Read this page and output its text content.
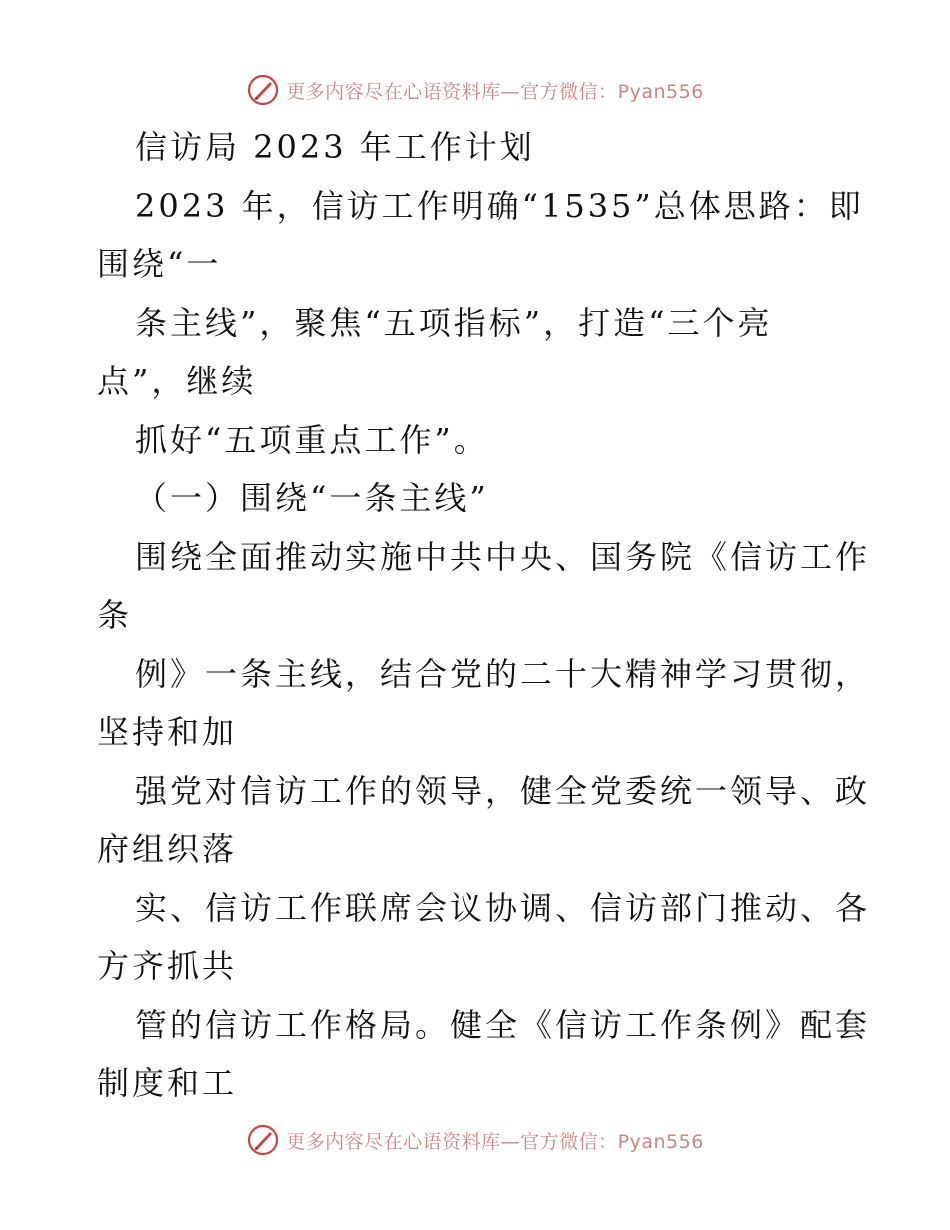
更多内容尽在心语资料库—官方微信：Pyan556
信访局 2023 年工作计划
2023 年，信访工作明确“1535”总体思路：即
围绕“一
条主线”，聚焦“五项指标”，打造“三个亮
点”，继续
抓好“五项重点工作”。
（一）围绕“一条主线”
围绕全面推动实施中共中央、国务院《信访工作
条
例》一条主线，结合党的二十大精神学习贯彻，
坚持和加
强党对信访工作的领导，健全党委统一领导、政
府组织落
实、信访工作联席会议协调、信访部门推动、各
方齐抓共
管的信访工作格局。健全《信访工作条例》配套
制度和工
更多内容尽在心语资料库—官方微信：Pyan556
